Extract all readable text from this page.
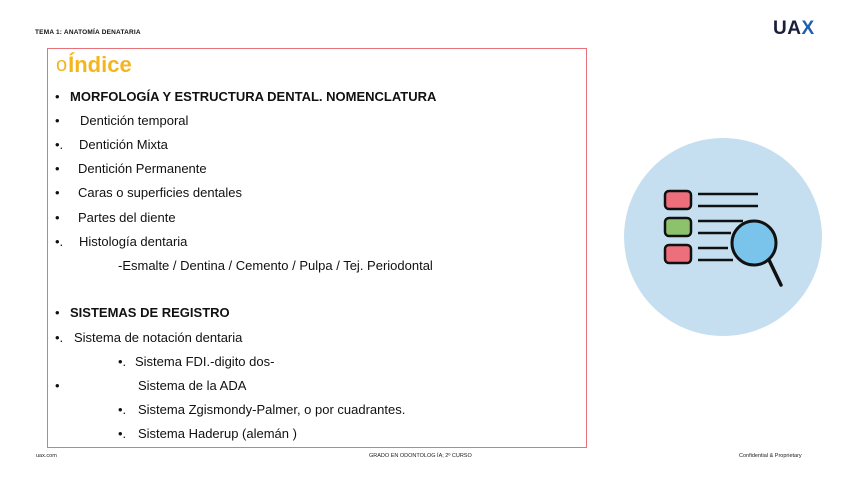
TEMA 1: ANATOMÍA DENATARIA	UAX
o Índice
• MORFOLOGÍA Y ESTRUCTURA DENTAL. NOMENCLATURA
• Dentición temporal
•. Dentición Mixta
• Dentición Permanente
• Caras o superficies dentales
• Partes del diente
•. Histología dentaria
-Esmalte / Dentina / Cemento / Pulpa / Tej. Periodontal
• SISTEMAS DE REGISTRO
•. Sistema de notación dentaria
•. Sistema FDI.-digito dos-
•	Sistema de la ADA
•. Sistema Zgismondy-Palmer, o por cuadrantes.
•. Sistema Haderup (alemán )
uax.com	GRADO EN ODONTOLOG ÍA; 2º CURSO	Confidential & Proprietary
